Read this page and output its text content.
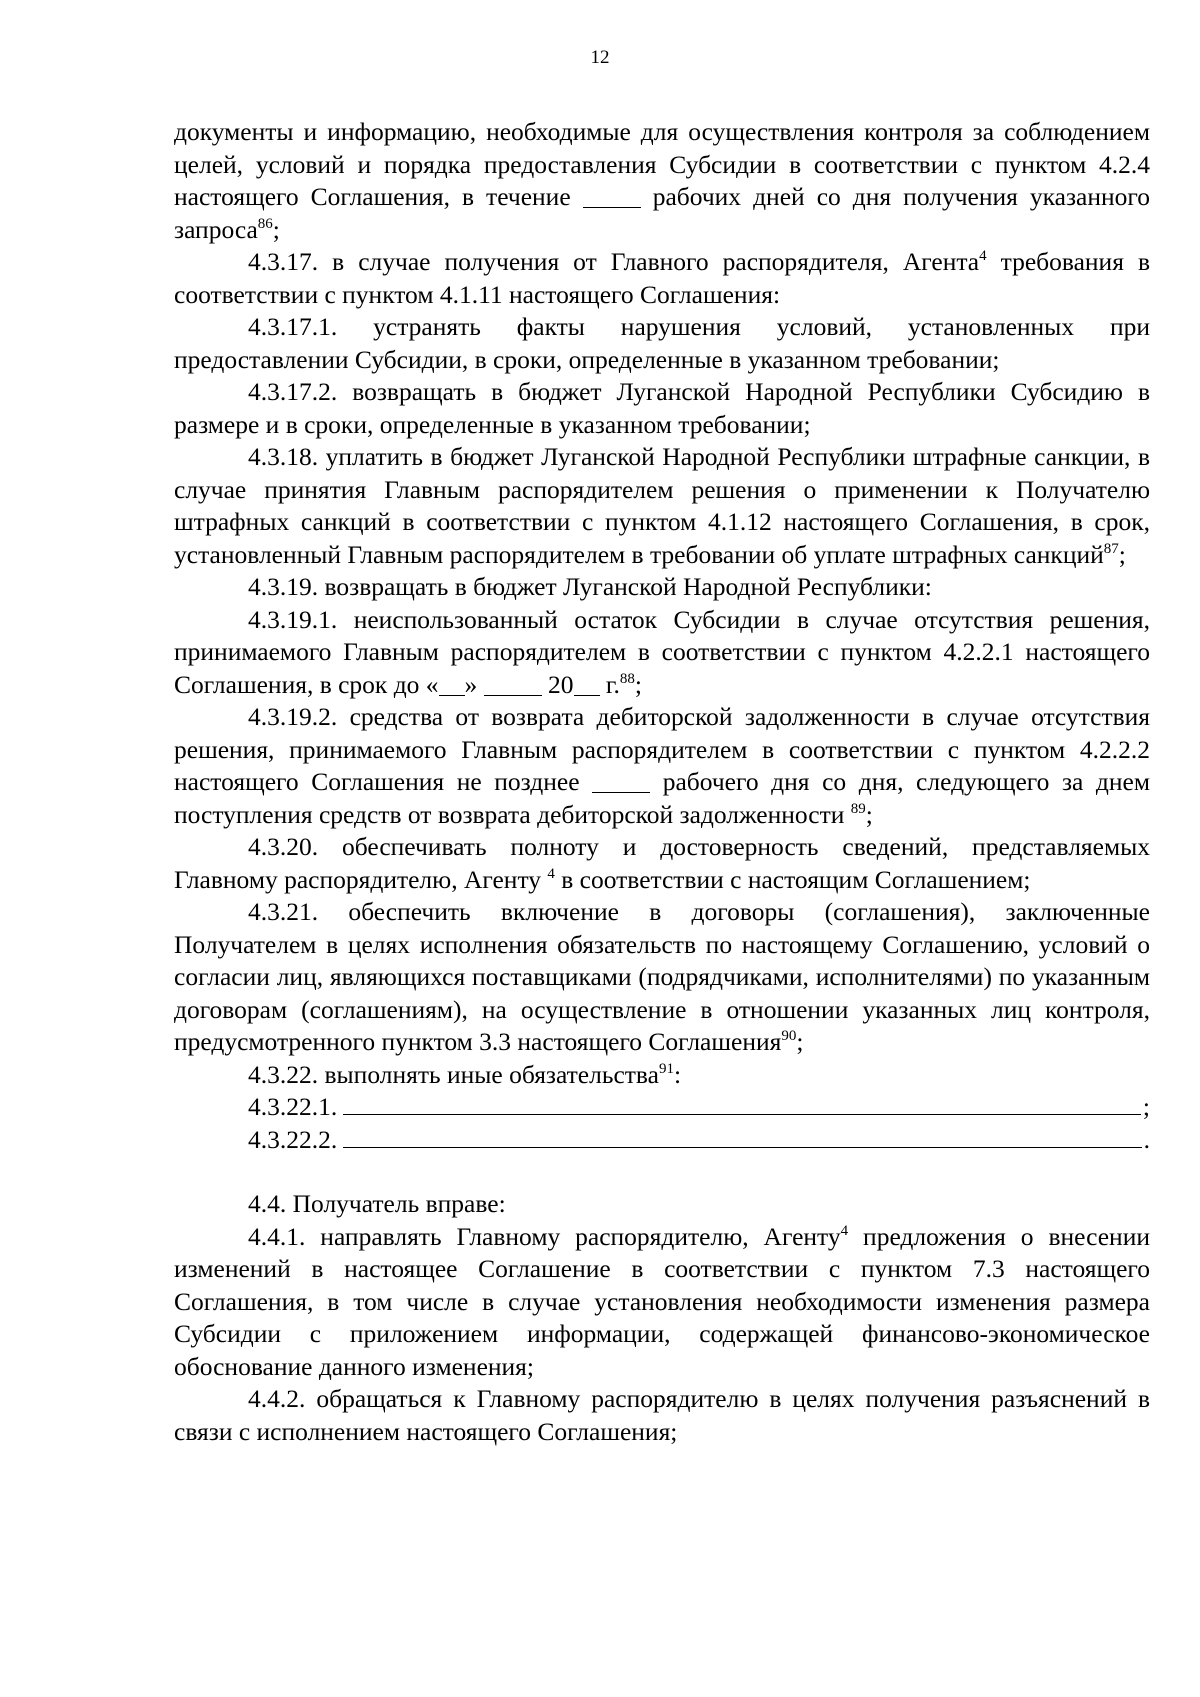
12

документы и информацию, необходимые для осуществления контроля за соблюдением целей, условий и порядка предоставления Субсидии в соответствии с пунктом 4.2.4 настоящего Соглашения, в течение	рабочих дней со дня получения указанного запроса$^{86}$;

4.3.17. в случае получения от Главного распорядителя, Агента$^4$ требования в соответствии с пунктом 4.1.11 настоящего Соглашения:

4.3.17.1. устранять факты нарушения условий, установленных при предоставлении Субсидии, в сроки, определенные в указанном требовании;

4.3.17.2. возвращать в бюджет Луганской Народной Республики Субсидию в размере и в сроки, определенные в указанном требовании;

4.3.18. уплатить в бюджет Луганской Народной Республики штрафные санкции, в случае принятия Главным распорядителем решения о применении к Получателю штрафных санкций в соответствии с пунктом 4.1.12 настоящего Соглашения, в срок, установленный Главным распорядителем в требовании об уплате штрафных санкций$^{87}$;

4.3.19. возвращать в бюджет Луганской Народной Республики:

4.3.19.1. неиспользованный остаток Субсидии в случае отсутствия решения, принимаемого Главным распорядителем в соответствии с пунктом 4.2.2.1 настоящего Соглашения, в срок до « »	20 г.$^{88}$;

4.3.19.2. средства от возврата дебиторской задолженности в случае отсутствия решения, принимаемого Главным распорядителем в соответствии с пунктом 4.2.2.2 настоящего Соглашения не позднее	рабочего дня со дня, следующего за днем поступления средств от возврата дебиторской задолженности $^{89}$;

4.3.20. обеспечивать полноту и достоверность сведений, представляемых Главному распорядителю, Агенту $^4$ в соответствии с настоящим Соглашением;

4.3.21. обеспечить включение в договоры (соглашения), заключенные Получателем в целях исполнения обязательств по настоящему Соглашению, условий о согласии лиц, являющихся поставщиками (подрядчиками, исполнителями) по указанным договорам (соглашениям), на осуществление в отношении указанных лиц контроля, предусмотренного пунктом 3.3 настоящего Соглашения$^{90}$;

4.3.22. выполнять иные обязательства$^{91}$:

4.3.22.1.	;
4.3.22.2.	.

4.4. Получатель вправе:

4.4.1. направлять Главному распорядителю, Агенту$^4$ предложения о внесении изменений в настоящее Соглашение в соответствии с пунктом 7.3 настоящего Соглашения, в том числе в случае установления необходимости изменения размера Субсидии с приложением информации, содержащей финансово-экономическое обоснование данного изменения;

4.4.2. обращаться к Главному распорядителю в целях получения разъяснений в связи с исполнением настоящего Соглашения;
